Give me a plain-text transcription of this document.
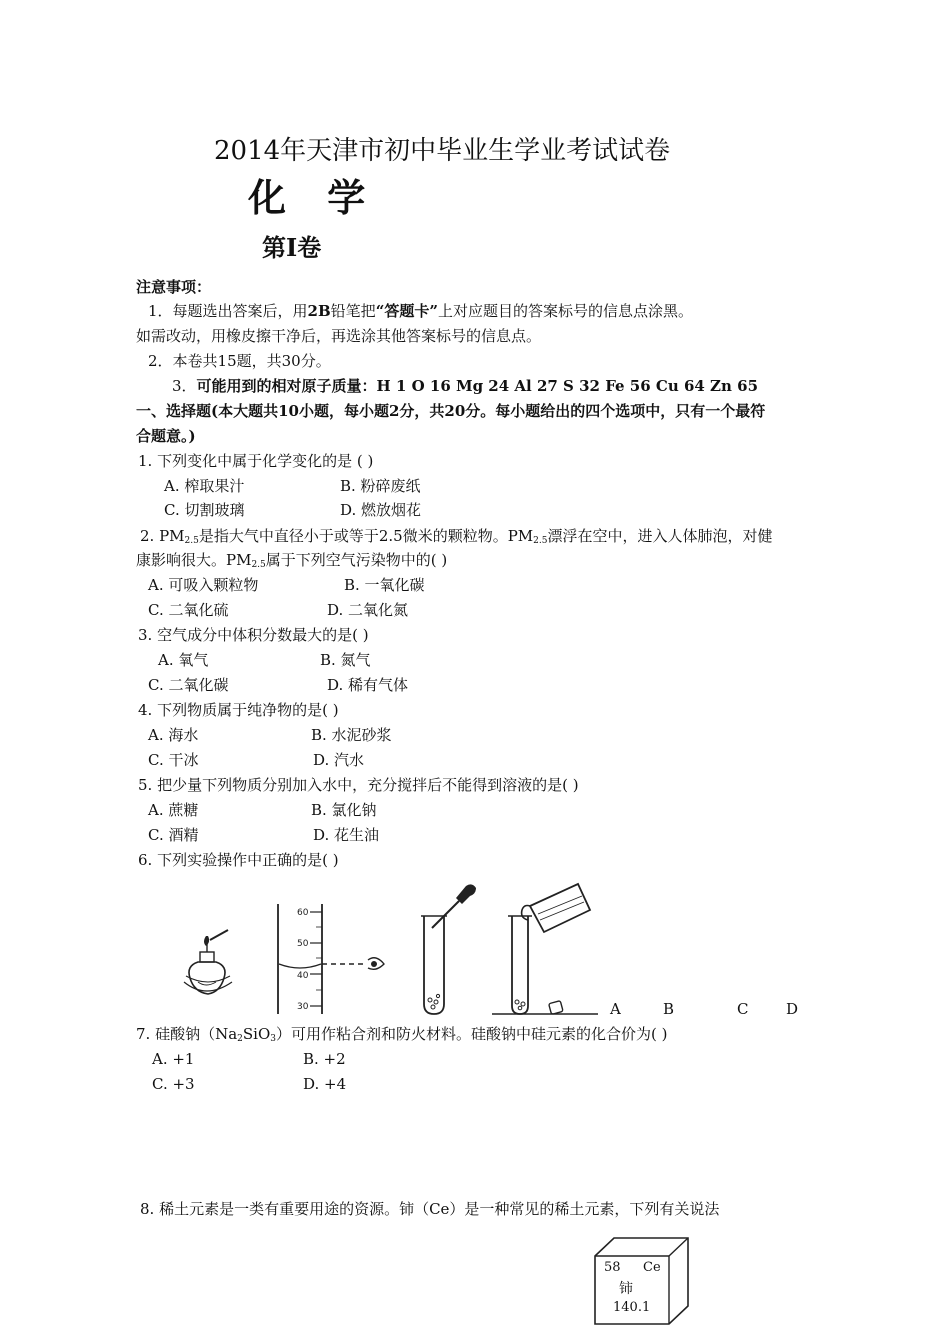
2014年天津市初中毕业生学业考试试卷
化 学
第Ⅰ卷
注意事项：
1．每题选出答案后，用2B铅笔把“答题卡”上对应题目的答案标号的信息点涂黑。
如需改动，用橡皮擦干净后，再选涂其他答案标号的信息点。
2．本卷共15题，共30分。
3．可能用到的相对原子质量：H 1 O 16 Mg 24 Al 27 S 32 Fe 56 Cu 64 Zn 65
一、选择题(本大题共10小题，每小题2分，共20分。每小题给出的四个选项中，只有一个最符
合题意。)
1. 下列变化中属于化学变化的是 ( )
A. 榨取果汁	B. 粉碎废纸
C. 切割玻璃	D. 燃放烟花
2. $PM_{2.5}$是指大气中直径小于或等于2.5微米的颗粒物。$PM_{2.5}$漂浮在空中，进入人体肺泡，对健
康影响很大。$PM_{2.5}$属于下列空气污染物中的( )
A. 可吸入颗粒物	B. 一氧化碳
C. 二氧化硫	D. 二氧化氮
3. 空气成分中体积分数最大的是( )
A. 氧气	B. 氮气
C. 二氧化碳	D. 稀有气体
4. 下列物质属于纯净物的是( )
A. 海水	B. 水泥砂浆
C. 干冰	D. 汽水
5. 把少量下列物质分别加入水中，充分搅拌后不能得到溶液的是( )
A. 蔗糖	B. 氯化钠
C. 酒精	D. 花生油
6. 下列实验操作中正确的是( )
60
50
40
30	A	B	C	D
7. 硅酸钠$(Na_2SiO_3)$可用作粘合剂和防火材料。硅酸钠中硅元素的化合价为( )
A. +1	B. +2
C. +3	D. +4
8. 稀土元素是一类有重要用途的资源。铈（Ce）是一种常见的稀土元素，下列有关说法
58 Ce
铈
140.1
